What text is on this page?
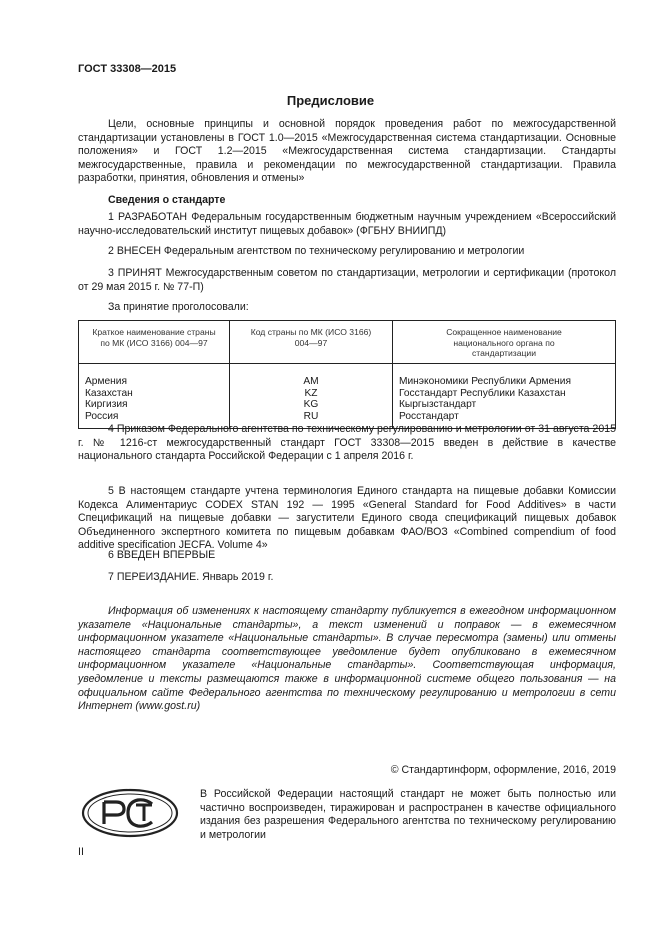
ГОСТ 33308—2015
Предисловие
Цели, основные принципы и основной порядок проведения работ по межгосударственной стандартизации установлены в ГОСТ 1.0—2015 «Межгосударственная система стандартизации. Основные положения» и ГОСТ 1.2—2015 «Межгосударственная система стандартизации. Стандарты межгосударственные, правила и рекомендации по межгосударственной стандартизации. Правила разработки, принятия, обновления и отмены»
Сведения о стандарте
1 РАЗРАБОТАН Федеральным государственным бюджетным научным учреждением «Всероссийский научно-исследовательский институт пищевых добавок» (ФГБНУ ВНИИПД)
2 ВНЕСЕН Федеральным агентством по техническому регулированию и метрологии
3 ПРИНЯТ Межгосударственным советом по стандартизации, метрологии и сертификации (протокол от 29 мая 2015 г. № 77-П)
За принятие проголосовали:
Краткое наименование страны по МК (ИСО 3166) 004—97	Код страны по МК (ИСО 3166) 004—97	Сокращенное наименование национального органа по стандартизации

Армения	AM	Минэкономики Республики Армения
Казахстан	KZ	Госстандарт Республики Казахстан
Киргизия	KG	Кыргызстандарт
Россия	RU	Росстандарт
4 Приказом Федерального агентства по техническому регулированию и метрологии от 31 августа 2015 г. № 1216-ст межгосударственный стандарт ГОСТ 33308—2015 введен в действие в качестве национального стандарта Российской Федерации с 1 апреля 2016 г.
5 В настоящем стандарте учтена терминология Единого стандарта на пищевые добавки Комиссии Кодекса Алиментариус CODEX STAN 192 — 1995 «General Standard for Food Additives» в части Спецификаций на пищевые добавки — загустители Единого свода спецификаций пищевых добавок Объединенного экспертного комитета по пищевым добавкам ФАО/ВОЗ «Combined compendium of food additive specification JECFA. Volume 4»
6 ВВЕДЕН ВПЕРВЫЕ
7 ПЕРЕИЗДАНИЕ. Январь 2019 г.
Информация об изменениях к настоящему стандарту публикуется в ежегодном информационном указателе «Национальные стандарты», а текст изменений и поправок — в ежемесячном информационном указателе «Национальные стандарты». В случае пересмотра (замены) или отмены настоящего стандарта соответствующее уведомление будет опубликовано в ежемесячном информационном указателе «Национальные стандарты». Соответствующая информация, уведомление и тексты размещаются также в информационной системе общего пользования — на официальном сайте Федерального агентства по техническому регулированию и метрологии в сети Интернет (www.gost.ru)
© Стандартинформ, оформление, 2016, 2019
В Российской Федерации настоящий стандарт не может быть полностью или частично воспроизведен, тиражирован и распространен в качестве официального издания без разрешения Федерального агентства по техническому регулированию и метрологии
II
